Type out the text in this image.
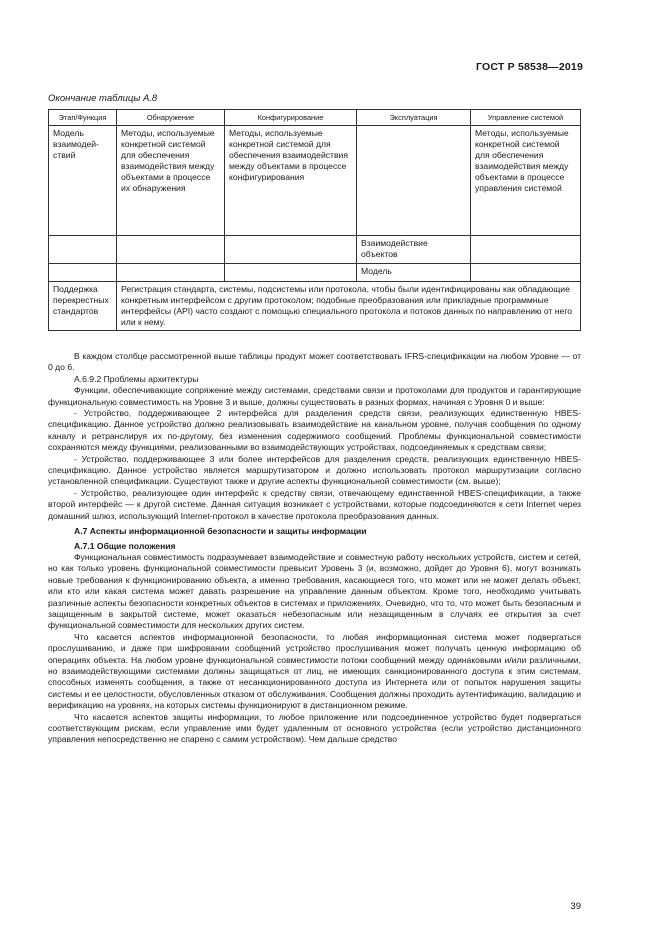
ГОСТ Р 58538—2019
Окончание таблицы А.8
Этап/Функция	Обнаружение	Конфигурирование	Эксплуатация	Управление системой
Модель взаимодействий	Методы, используемые конкретной системой для обеспечения взаимодействия между объектами в процессе их обнаружения	Методы, используемые конкретной системой для обеспечения взаимодействия между объектами в процессе конфигурирования		Методы, используемые конкретной системой для обеспечения взаимодействия между объектами в процессе управления системой
			Взаимодействие объектов	
			Модель	
Поддержка перекрестных стандартов	Регистрация стандарта, системы, подсистемы или протокола, чтобы были идентифицированы как обладающие конкретным интерфейсом с другим протоколом; подобные преобразования или прикладные программные интерфейсы (API) часто создают с помощью специального протокола и потоков данных по направлению от него или к нему.			

В каждом столбце рассмотренной выше таблицы продукт может соответствовать IFRS-спецификации на любом Уровне — от 0 до 6.

А.6.9.2 Проблемы архитектуры

Функции, обеспечивающие сопряжение между системами, средствами связи и протоколами для продуктов и гарантирующие функциональную совместимость на Уровне 3 и выше, должны существовать в разных формах, начиная с Уровня 0 и выше:

- Устройство, поддерживающее 2 интерфейса для разделения средств связи, реализующих единственную HBES-спецификацию. Данное устройство должно реализовывать взаимодействие на канальном уровне, получая сообщения по одному каналу и ретранслируя их по-другому, без изменения содержимого сообщений. Проблемы функциональной совместимости сохраняются между функциями, реализованными во взаимодействующих устройствах, подсоединяемых к средствам связи;

- Устройство, поддерживающее 3 или более интерфейсов для разделения средств, реализующих единственную HBES-спецификацию. Данное устройство является маршрутизатором и должно использовать протокол маршрутизации согласно установленной спецификации. Существуют также и другие аспекты функциональной совместимости (см. выше);

- Устройство, реализующее один интерфейс к средству связи, отвечающему единственной HBES-спецификации, а также второй интерфейс — к другой системе. Данная ситуация возникает с устройствами, которые подсоединяются к сети Internet через домашний шлюз, использующий Internet-протокол в качестве протокола преобразования данных.

А.7 Аспекты информационной безопасности и защиты информации

А.7.1 Общие положения

Функциональная совместимость подразумевает взаимодействие и совместную работу нескольких устройств, систем и сетей, но как только уровень функциональной совместимости превысит Уровень 3 (и, возможно, дойдет до Уровня 6), могут возникать новые требования к функционированию объекта, а именно требования, касающиеся того, что может или не может делать объект, или кто или какая система может давать разрешение на управление данным объектом. Кроме того, необходимо учитывать различные аспекты безопасности конкретных объектов в системах и приложениях. Очевидно, что то, что может быть безопасным и защищенным в закрытой системе, может оказаться небезопасным или незащищенным в случаях ее открытия за счет функциональной совместимости для нескольких других систем.

Что касается аспектов информационной безопасности, то любая информационная система может подвергаться прослушиванию, и даже при шифровании сообщений устройство прослушивания может получать ценную информацию об операциях объекта. На любом уровне функциональной совместимости потоки сообщений между одинаковыми и/или различными, но взаимодействующими системами должны защищаться от лиц, не имеющих санкционированного доступа к этим системам, способных изменять сообщения, а также от несанкционированного доступа из Интернета или от попыток нарушения защиты системы и ее целостности, обусловленных отказом от обслуживания. Сообщения должны проходить аутентификацию, валидацию и верификацию на уровнях, на которых системы функционируют в дистанционном режиме.

Что касается аспектов защиты информации, то любое приложение или подсоединенное устройство будет подвергаться соответствующим рискам, если управление ими будет удаленным от основного устройства (если устройство дистанционного управления непосредственно не спарено с самим устройством). Чем дальше средство

39
